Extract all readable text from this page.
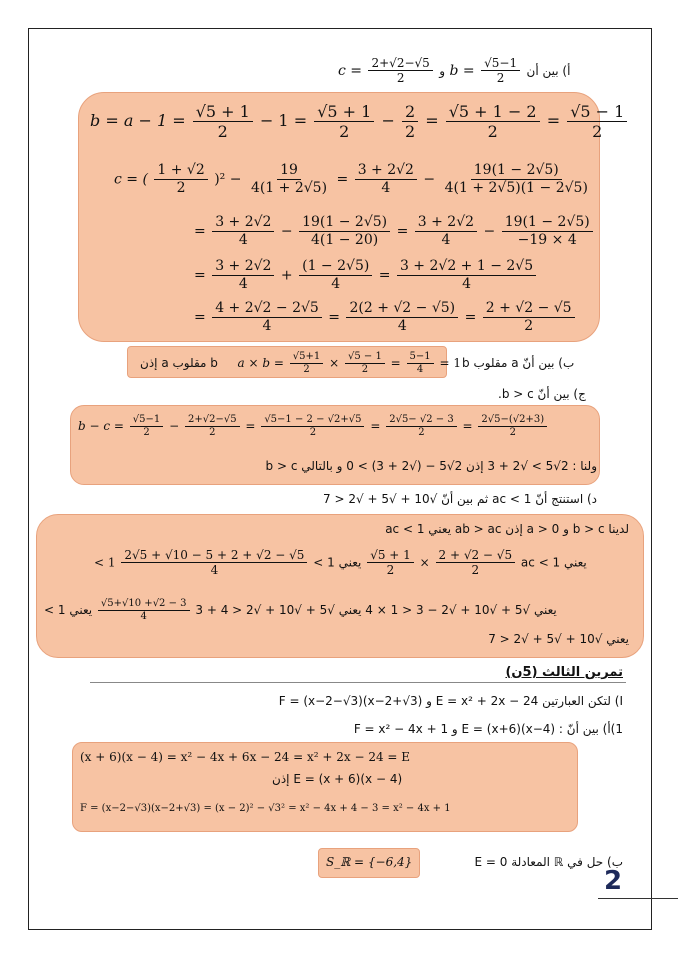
$c = \frac{2+√2-√5}{2}$ و $b = \frac{√5-1}{2}$ أ) بين أن
$b = a - 1 = \frac{√5 + 1}{2} - 1 = \frac{√5 + 1}{2} - \frac{2}{2} = \frac{√5 + 1 - 2}{2} = \frac{√5 - 1}{2}$
c = ( $\frac{1 + √2}{2} )^2 - \frac{19}{4(1 + 2√5)} = \frac{3 + 2√2}{4} - \frac{19(1 - 2√5)}{4(1 + 2√5)(1 - 2√5)}$
= $\frac{3 + 2√2}{4} - \frac{19(1 - 2√5)}{4(1 - 20)} = \frac{3 + 2√2}{4} - \frac{19(1 - 2√5)}{-19 \times 4}$
= $\frac{3 + 2√2}{4} + \frac{(1 - 2√5)}{4} = \frac{3 + 2√2 + 1 - 2√5}{4}$
= $\frac{4 + 2√2 - 2√5}{4} = \frac{2(2 + √2 - √5)}{4} = \frac{2 + √2 - √5}{2}$
إذن a مقلوب b $a \times b = \frac{√5+1}{2} \times \frac{√5 - 1}{2} = \frac{5-1}{4} = 1$ ب) بين أنّ a مقلوب b
ج) بين أنّ b > c.
$b - c = \frac{√5-1}{2} - \frac{2+√2-√5}{2} = \frac{√5-1 - 2 - √2+√5}{2} = \frac{2√5- √2 - 3}{2} = \frac{2√5-(√2+3)}{2}$
ولنا : 2√5 > √2 + 3 إذن 2√5 − (√2 + 3) > 0 و بالتالي b > c
د) استنتج أنّ ac < 1 ثم بين أنّ √10 + √5 + √2 < 7
لدينا b > c و a > 0 إذن ab > ac يعني ac < 1
< $1 \frac{2√5 + √10 - 5 + 2 + √2 - √5}{4} < 1$ يعني $\frac{√5 + 1}{2} \times \frac{2 + √2 - √5}{2}$ ac < 1 يعني
< 1 يعني √5 + √10 + √2 − 3 < 1 × 4 يعني √5 + √10 + √2 < 4 + 3
$\frac{√5+√10 +√2 - 3}{4}$
يعني
يعني √10 + √5 + √2 < 7
تمرين الثالث (5ن)
I) لتكن العبارتين E = x² + 2x − 24 و F = (x−2−√3)(x−2+√3)
1)أ) بين أنّ : E = (x+6)(x−4) و F = x² − 4x + 1
(x + 6)(x − 4) = x² − 4x + 6x − 24 = x² + 2x − 24 = E
إذن E = (x + 6)(x − 4)
F = (x−2−√3)(x−2+√3) = (x − 2)² − √3² = x² − 4x + 4 − 3 = x² − 4x + 1
S_ℝ = {−6,4}	ب) حل في ℝ المعادلة E = 0
2
